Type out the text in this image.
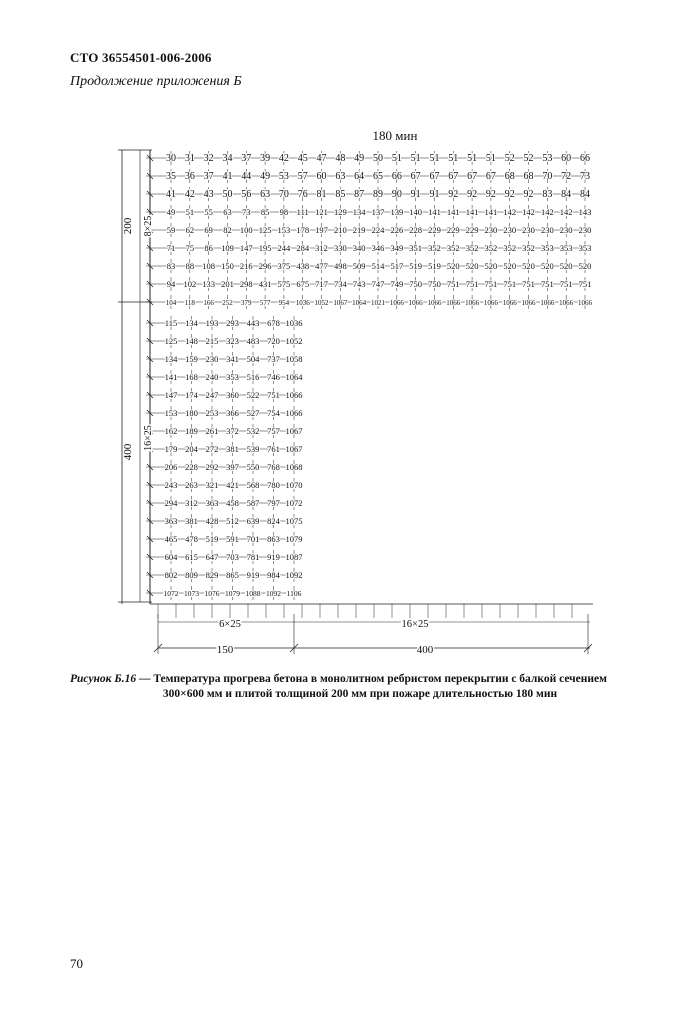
СТО 36554501-006-2006
Продолжение приложения Б
180 мин
30 31 32 34 37 39 42 45 47 48 49 50 51 51 51 51 51 51 52 52 53 60 66
35 36 37 41 44 49 53 57 60 63 64 65 66 67 67 67 67 67 68 68 70 72 73
41 42 43 50 56 63 70 76 81 85 87 89 90 91 91 92 92 92 92 92 83 84 84
49 51 55 63 73 85 98 111 121 129 134 137 139 140 141 141 141 141 142 142 142 142 143
59 62 69 82 100 125 153 178 197 210 219 224 226 228 229 229 229 230 230 230 230 230 230
71 75 86 109 147 195 244 284 312 330 340 346 349 351 352 352 352 352 352 352 353 353 353
83 88 108 150 216 296 375 438 477 498 509 514 517 519 519 520 520 520 520 520 520 520 520
94 102 133 201 298 431 575 675 717 734 743 747 749 750 750 751 751 751 751 751 751 751 751
104 118 166 252 379 577 954 1036 1052 1067 1064 1021 1066 1066 1066 1066 1066 1066 1066 1066 1066 1066 1066
115 134 193 293 443 678 1036
125 148 215 323 483 720 1052
134 159 230 341 504 737 1058
141 168 240 353 516 746 1064
147 174 247 360 522 751 1066
153 180 253 366 527 754 1066
162 189 261 372 532 757 1067
179 204 272 381 539 761 1067
206 228 292 397 550 768 1068
243 263 321 421 568 780 1070
294 312 363 458 587 797 1072
363 381 428 512 639 824 1075
465 478 519 591 701 863 1079
604 615 647 703 781 919 1087
802 809 829 865 919 984 1092
1072 1073 1076 1079 1088 1092 1106
200 8×25
400
16×25
6×25	16×25
150	400
Рисунок Б.16 — Температура прогрева бетона в монолитном ребристом перекрытии с балкой сечением
300×600 мм и плитой толщиной 200 мм при пожаре длительностью 180 мин
70
